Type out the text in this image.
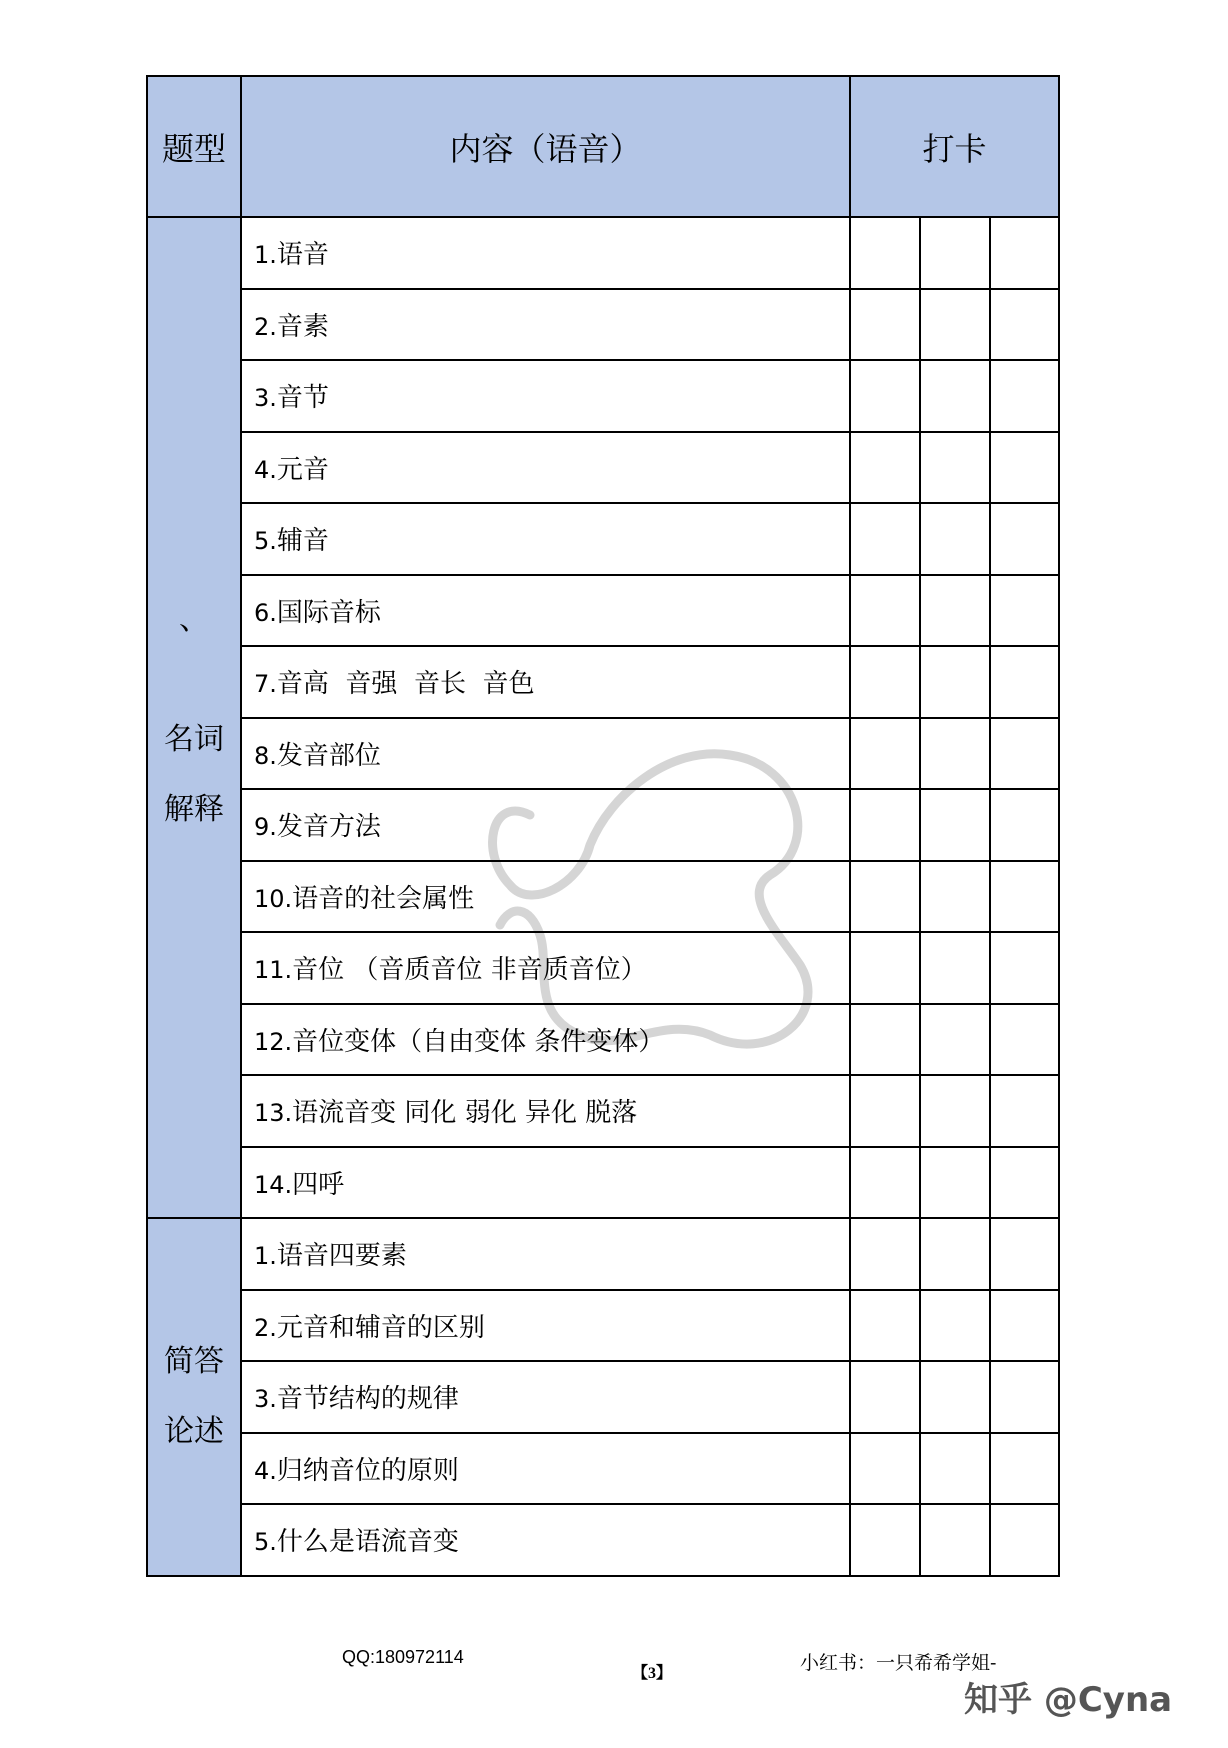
题型	内容（语音）	打卡		

、
名词解释	1.语音			
	2.音素			
	3.音节			
	4.元音			
	5.辅音			
	6.国际音标			
	7.音高  音强  音长  音色			
	8.发音部位			
	9.发音方法			
	10.语音的社会属性			
	11.音位 （音质音位 非音质音位）			
	12.音位变体（自由变体 条件变体）			
	13.语流音变 同化 弱化 异化 脱落			
	14.四呼			
简答论述	1.语音四要素			
	2.元音和辅音的区别			
	3.音节结构的规律			
	4.归纳音位的原则			
	5.什么是语流音变			
QQ:180972114
【3】	小红书：一只希希学姐-
知乎 @Cyna
